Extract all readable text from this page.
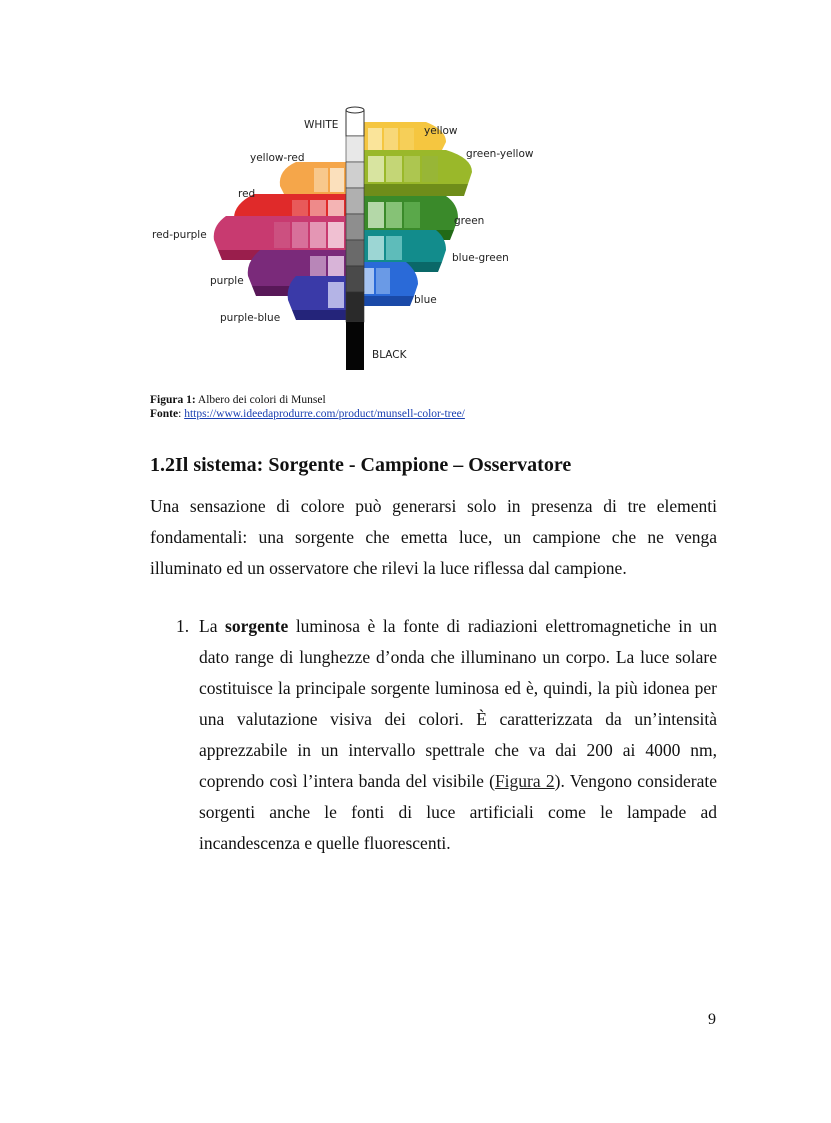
WHITE	yellow
yellow-red	green-yellow
red
green
red-purple
blue-green
purple
blue
purple-blue
BLACK
Figura 1: Albero dei colori di Munsel
Fonte: https://www.ideedaprodurre.com/product/munsell-color-tree/
1.2Il sistema: Sorgente - Campione – Osservatore

Una sensazione di colore può generarsi solo in presenza di tre elementi fondamentali: una sorgente che emetta luce, un campione che ne venga illuminato ed un osservatore che rilevi la luce riflessa dal campione.

1. La sorgente luminosa è la fonte di radiazioni elettromagnetiche in un dato range di lunghezze d’onda che illuminano un corpo. La luce solare costituisce la principale sorgente luminosa ed è, quindi, la più idonea per una valutazione visiva dei colori. È caratterizzata da un’intensità apprezzabile in un intervallo spettrale che va dai 200 ai 4000 nm, coprendo così l’intera banda del visibile (Figura 2). Vengono considerate sorgenti anche le fonti di luce artificiali come le lampade ad incandescenza e quelle fluorescenti.
9
